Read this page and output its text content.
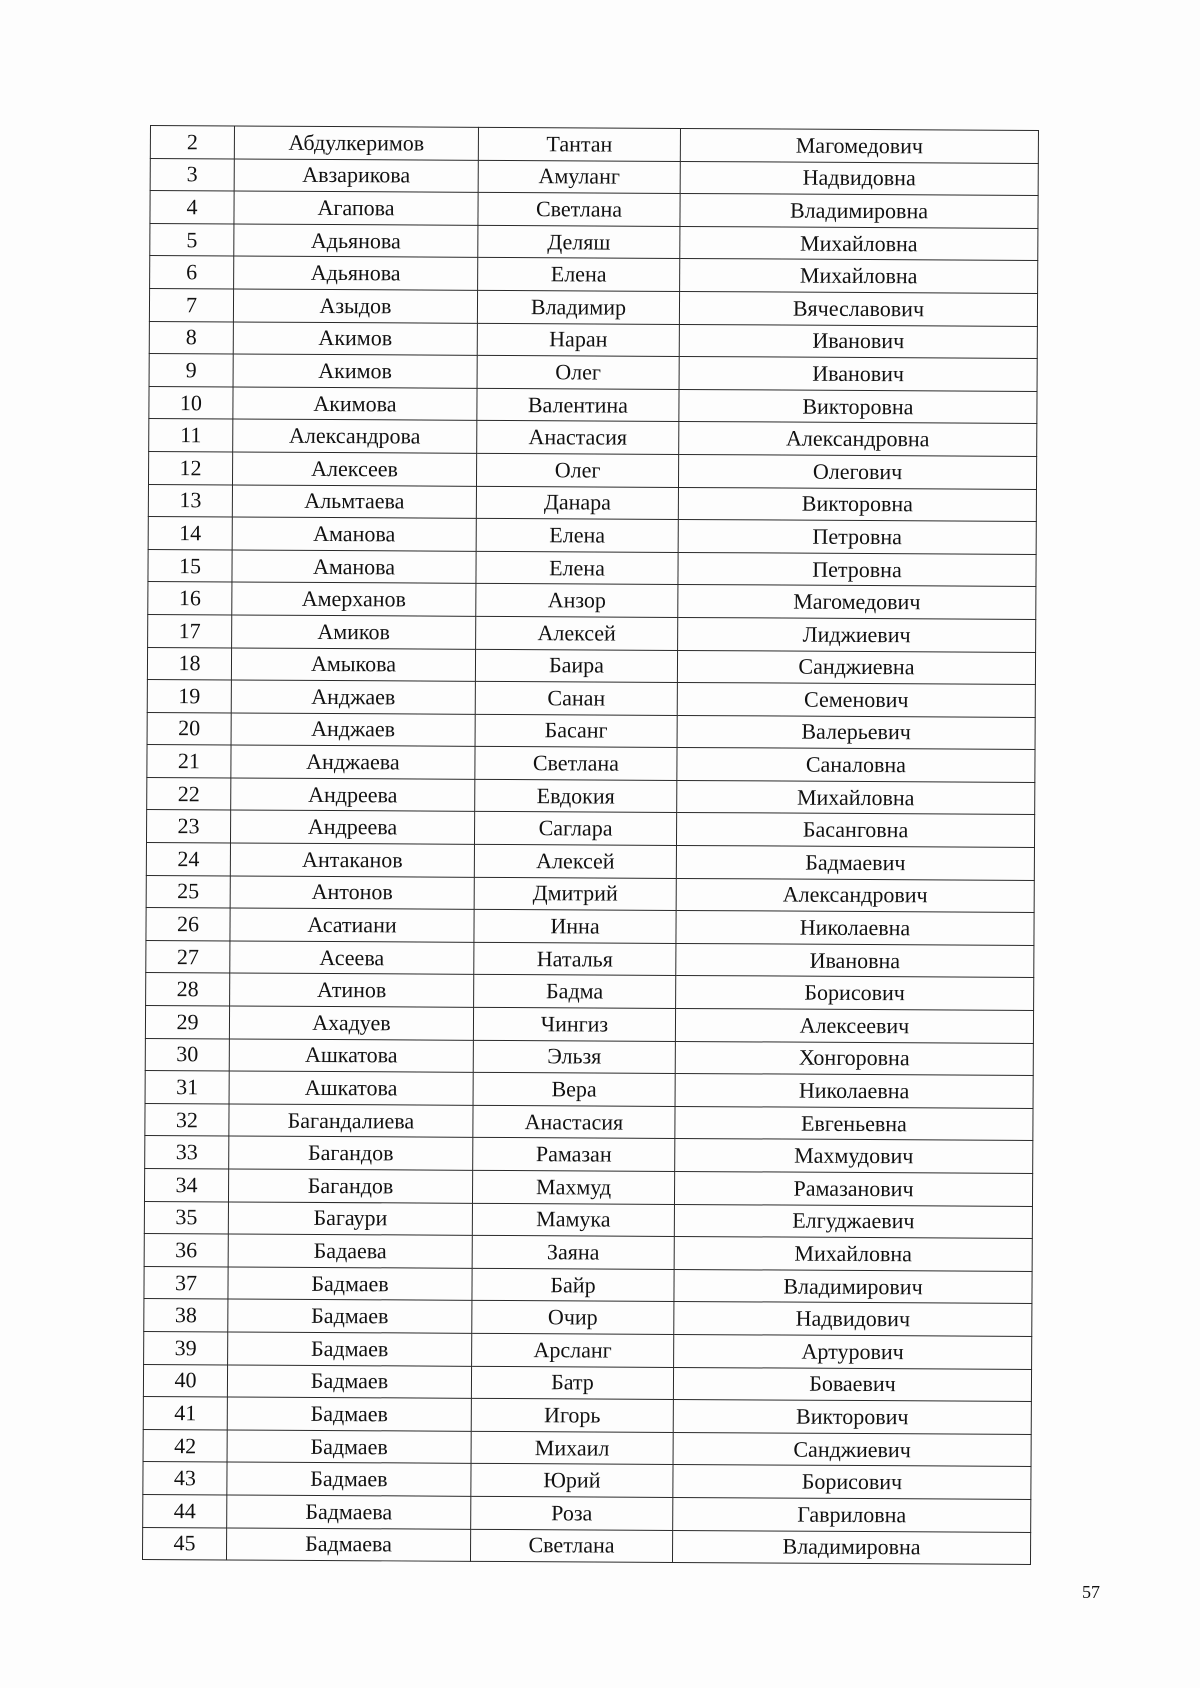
2	Абдулкеримов	Тантан	Магомедович
3	Авзарикова	Амуланг	Надвидовна
4	Агапова	Светлана	Владимировна
5	Адьянова	Деляш	Михайловна
6	Адьянова	Елена	Михайловна
7	Азыдов	Владимир	Вячеславович
8	Акимов	Наран	Иванович
9	Акимов	Олег	Иванович
10	Акимова	Валентина	Викторовна
11	Александрова	Анастасия	Александровна
12	Алексеев	Олег	Олегович
13	Альмтаева	Данара	Викторовна
14	Аманова	Елена	Петровна
15	Аманова	Елена	Петровна
16	Амерханов	Анзор	Магомедович
17	Амиков	Алексей	Лиджиевич
18	Амыкова	Баира	Санджиевна
19	Анджаев	Санан	Семенович
20	Анджаев	Басанг	Валерьевич
21	Анджаева	Светлана	Саналовна
22	Андреева	Евдокия	Михайловна
23	Андреева	Саглара	Басанговна
24	Антаканов	Алексей	Бадмаевич
25	Антонов	Дмитрий	Александрович
26	Асатиани	Инна	Николаевна
27	Асеева	Наталья	Ивановна
28	Атинов	Бадма	Борисович
29	Ахадуев	Чингиз	Алексеевич
30	Ашкатова	Эльзя	Хонгоровна
31	Ашкатова	Вера	Николаевна
32	Багандалиева	Анастасия	Евгеньевна
33	Багандов	Рамазан	Махмудович
34	Багандов	Махмуд	Рамазанович
35	Багаури	Мамука	Елгуджаевич
36	Бадаева	Заяна	Михайловна
37	Бадмаев	Байр	Владимирович
38	Бадмаев	Очир	Надвидович
39	Бадмаев	Арсланг	Артурович
40	Бадмаев	Батр	Боваевич
41	Бадмаев	Игорь	Викторович
42	Бадмаев	Михаил	Санджиевич
43	Бадмаев	Юрий	Борисович
44	Бадмаева	Роза	Гавриловна
45	Бадмаева	Светлана	Владимировна
57
